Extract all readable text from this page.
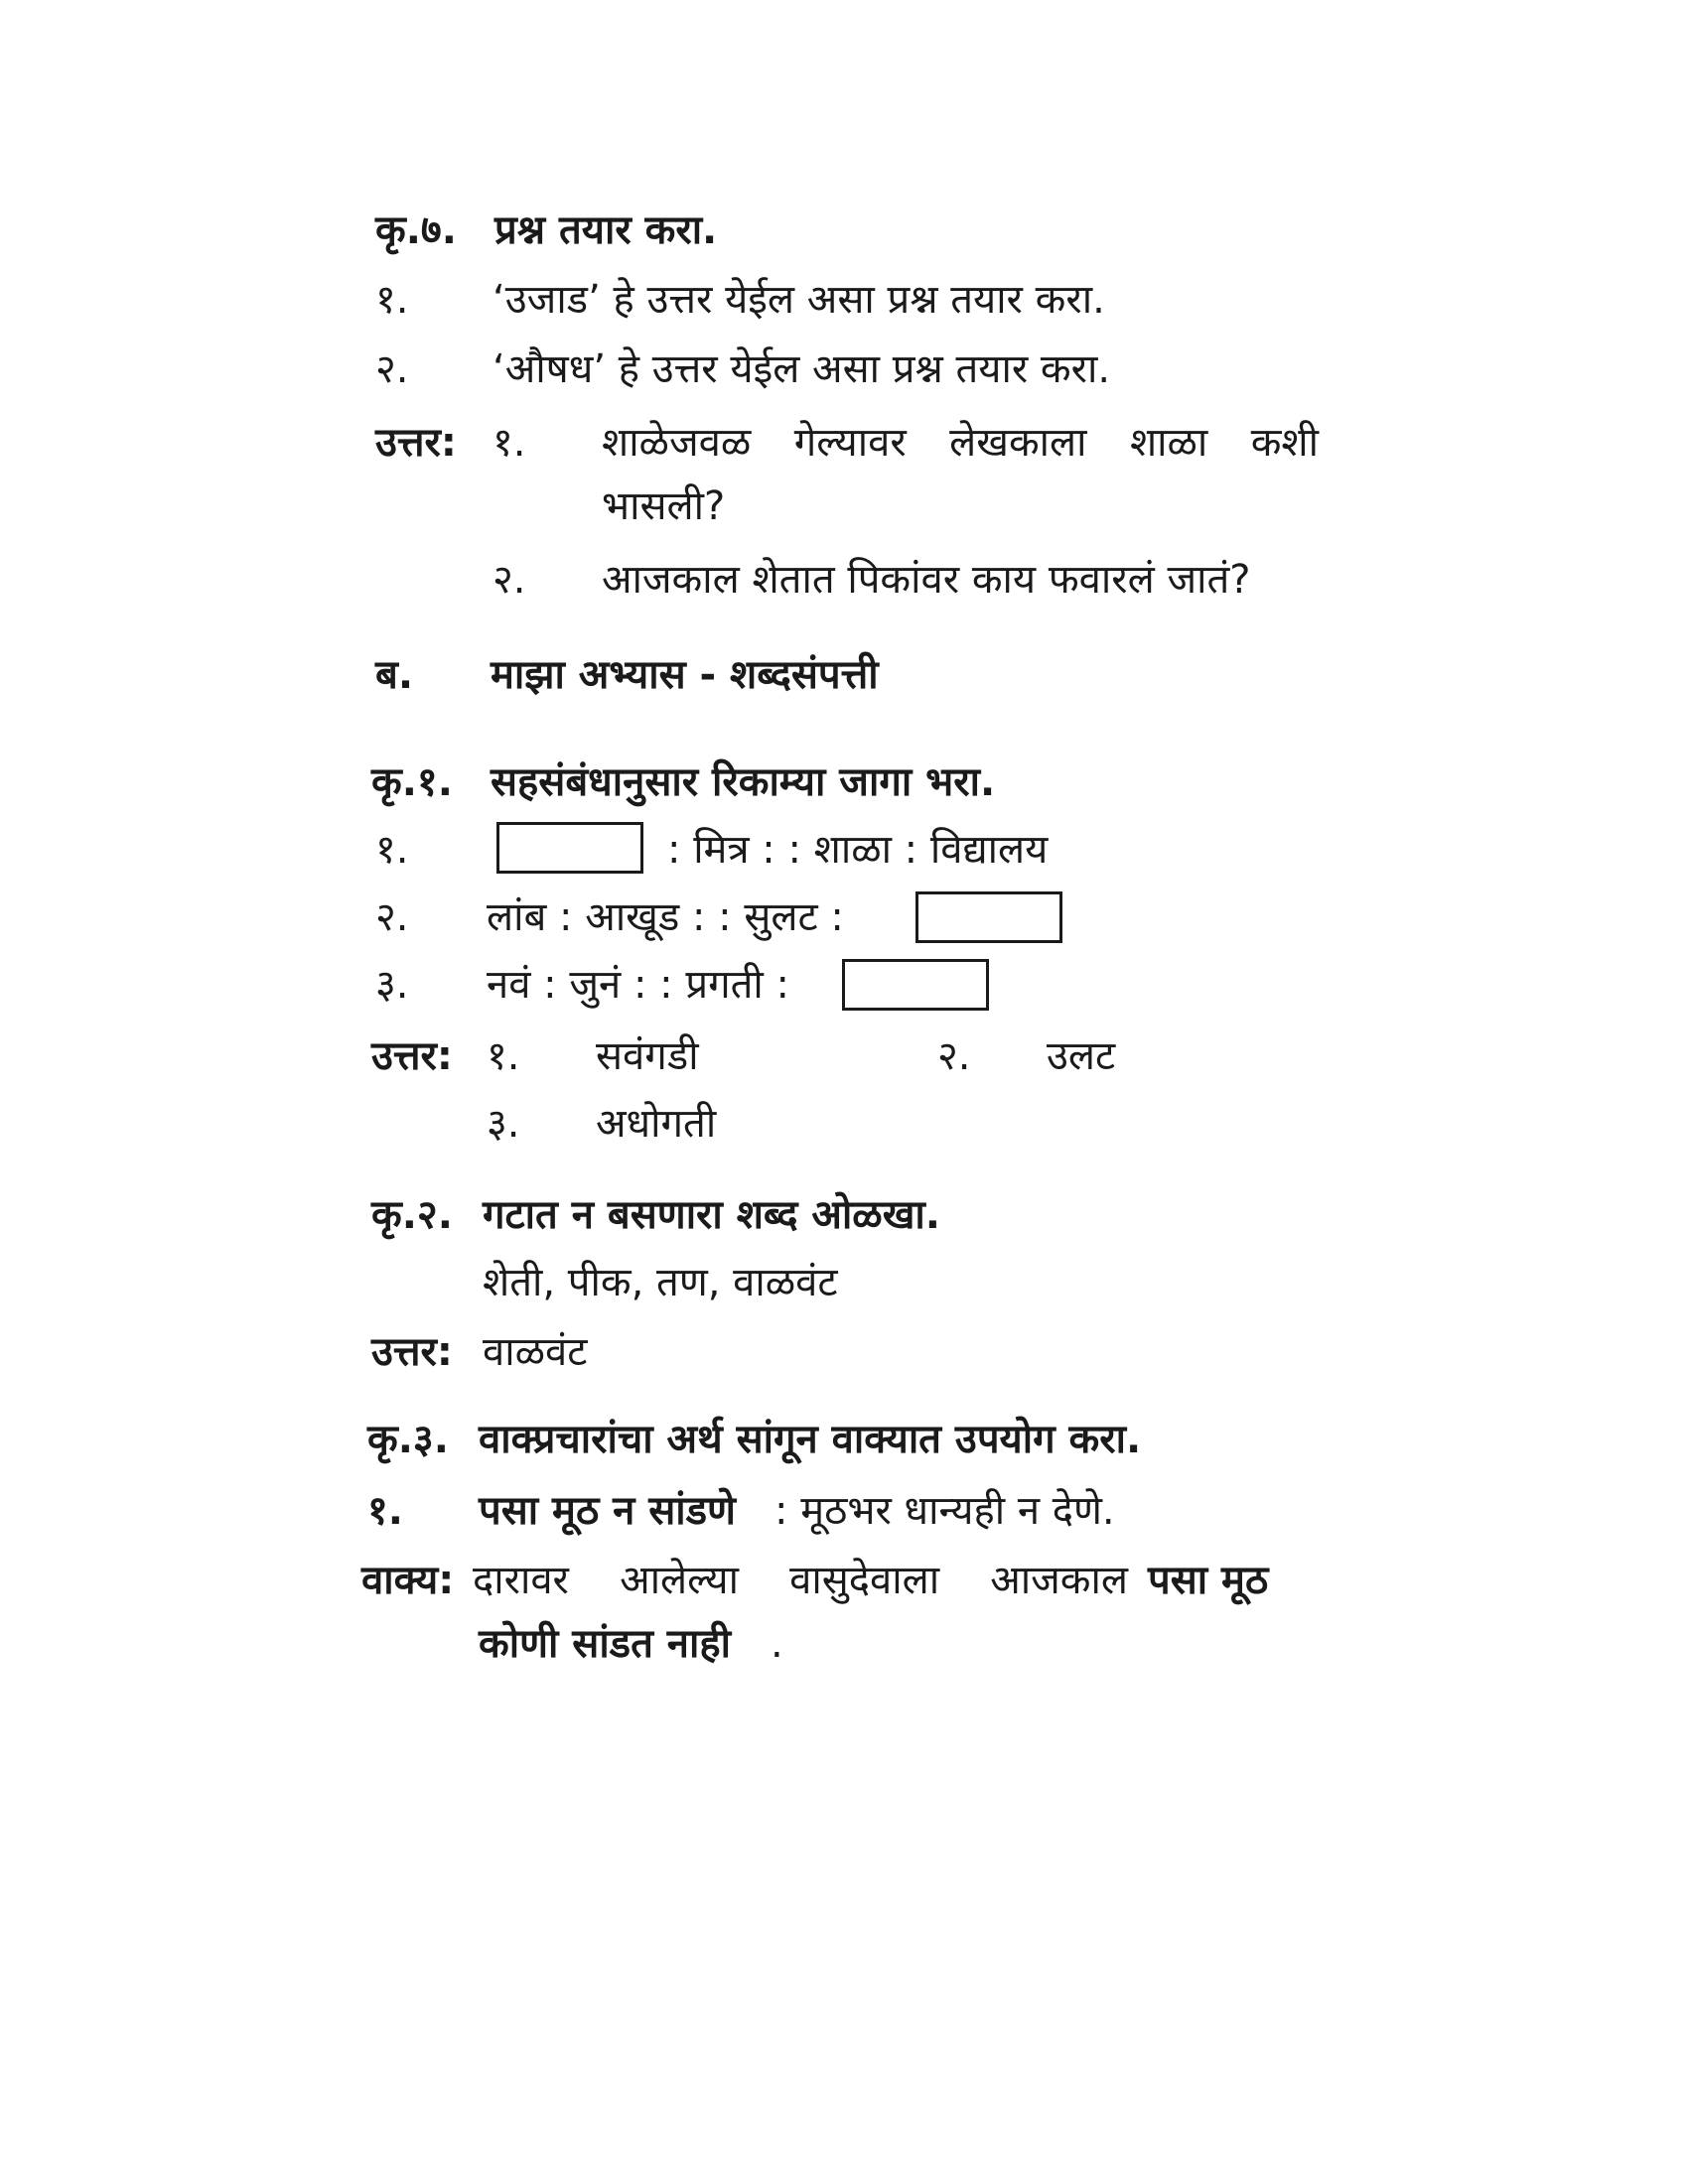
कृ.७. प्रश्न तयार करा.
१. ‘उजाड’ हे उत्तर येईल असा प्रश्न तयार करा.
२. ‘औषध’ हे उत्तर येईल असा प्रश्न तयार करा.
उत्तर: १. शाळेजवळ गेल्यावर लेखकाला शाळा कशी
भासली?
२. आजकाल शेतात पिकांवर काय फवारलं जातं?
ब. माझा अभ्यास - शब्दसंपत्ती
कृ.१. सहसंबंधानुसार रिकाम्या जागा भरा.
१.	: मित्र : : शाळा : विद्यालय
२. लांब : आखूड : : सुलट :
३. नवं : जुनं : : प्रगती :
उत्तर: १. सवंगडी	२. उलट
३. अधोगती
कृ.२. गटात न बसणारा शब्द ओळखा.
शेती, पीक, तण, वाळवंट
उत्तर: वाळवंट
कृ.३. वाक्प्रचारांचा अर्थ सांगून वाक्यात उपयोग करा.
१. पसा मूठ न सांडणे : मूठभर धान्यही न देणे.
वाक्य: दारावर आलेल्या वासुदेवाला आजकाल पसा मूठ
कोणी सांडत नाही .
